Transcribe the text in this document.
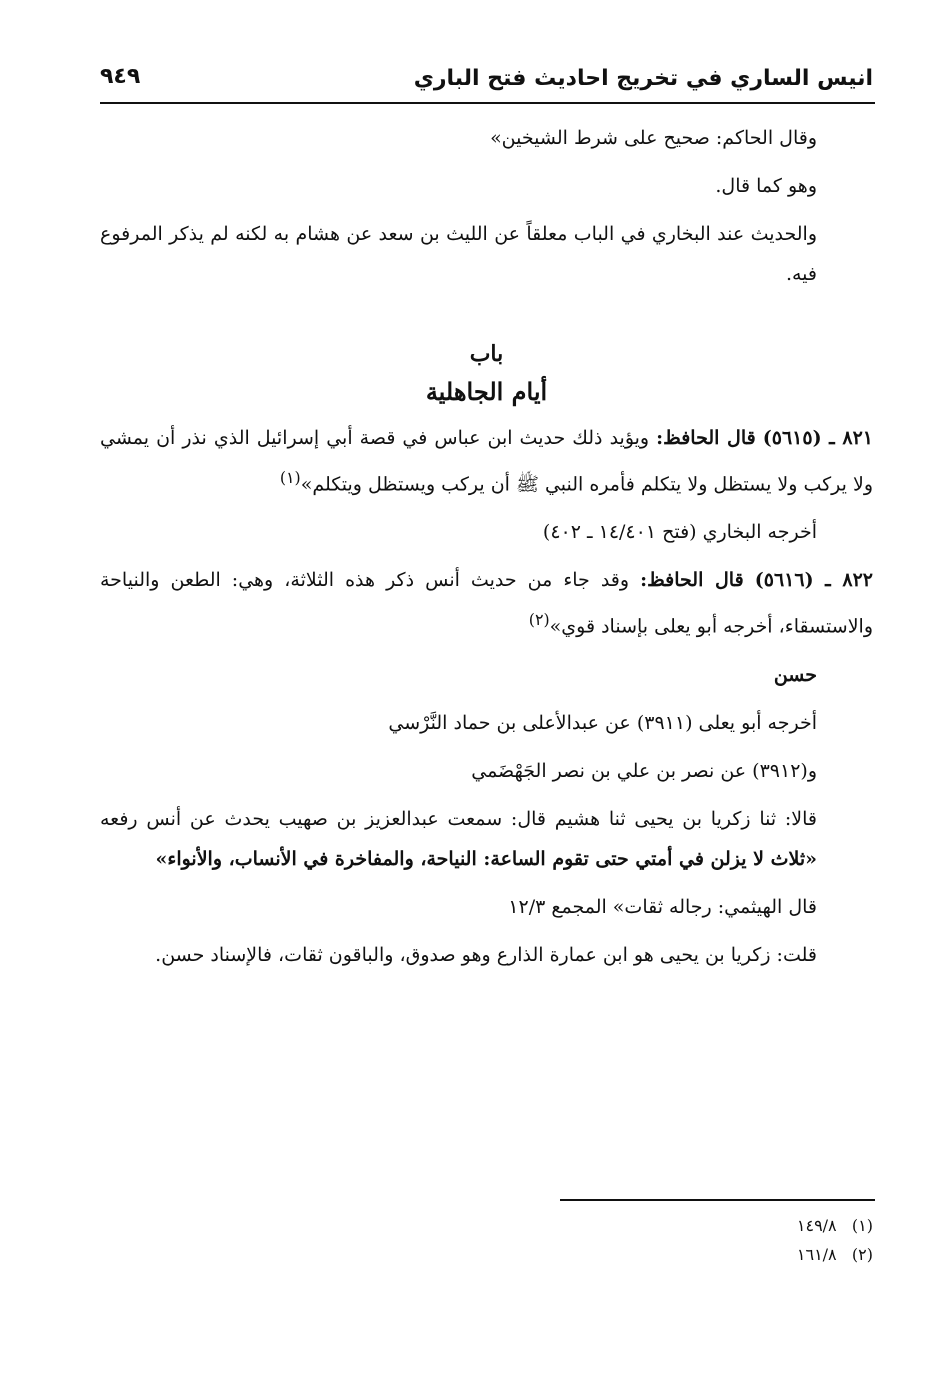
انيس الساري في تخريج احاديث فتح الباري
٩٤٩

وقال الحاكم: صحيح على شرط الشيخين»

وهو كما قال.

والحديث عند البخاري في الباب معلقاً عن الليث بن سعد عن هشام به لكنه لم يذكر المرفوع فيه.

باب
أيام الجاهلية

٨٢١ ـ (٥٦١٥) قال الحافظ: ويؤيد ذلك حديث ابن عباس في قصة أبي إسرائيل الذي نذر أن يمشي ولا يركب ولا يستظل ولا يتكلم فأمره النبي ﷺ أن يركب ويستظل ويتكلم»$^{(١)}$

أخرجه البخاري (فتح ١٤/٤٠١ ـ ٤٠٢)

٨٢٢ ـ (٥٦١٦) قال الحافظ: وقد جاء من حديث أنس ذكر هذه الثلاثة، وهي: الطعن والنياحة والاستسقاء، أخرجه أبو يعلى بإسناد قوي»$^{(٢)}$

حسن

أخرجه أبو يعلى (٣٩١١) عن عبدالأعلى بن حماد النَّرْسي

و(٣٩١٢) عن نصر بن علي بن نصر الجَهْضَمي

قالا: ثنا زكريا بن يحيى ثنا هشيم قال: سمعت عبدالعزيز بن صهيب يحدث عن أنس رفعه «ثلاث لا يزلن في أمتي حتى تقوم الساعة: النياحة، والمفاخرة في الأنساب، والأنواء»

قال الهيثمي: رجاله ثقات» المجمع ١٢/٣

قلت: زكريا بن يحيى هو ابن عمارة الذارع وهو صدوق، والباقون ثقات، فالإسناد حسن.

(١)   ١٤٩/٨
(٢)   ١٦١/٨
